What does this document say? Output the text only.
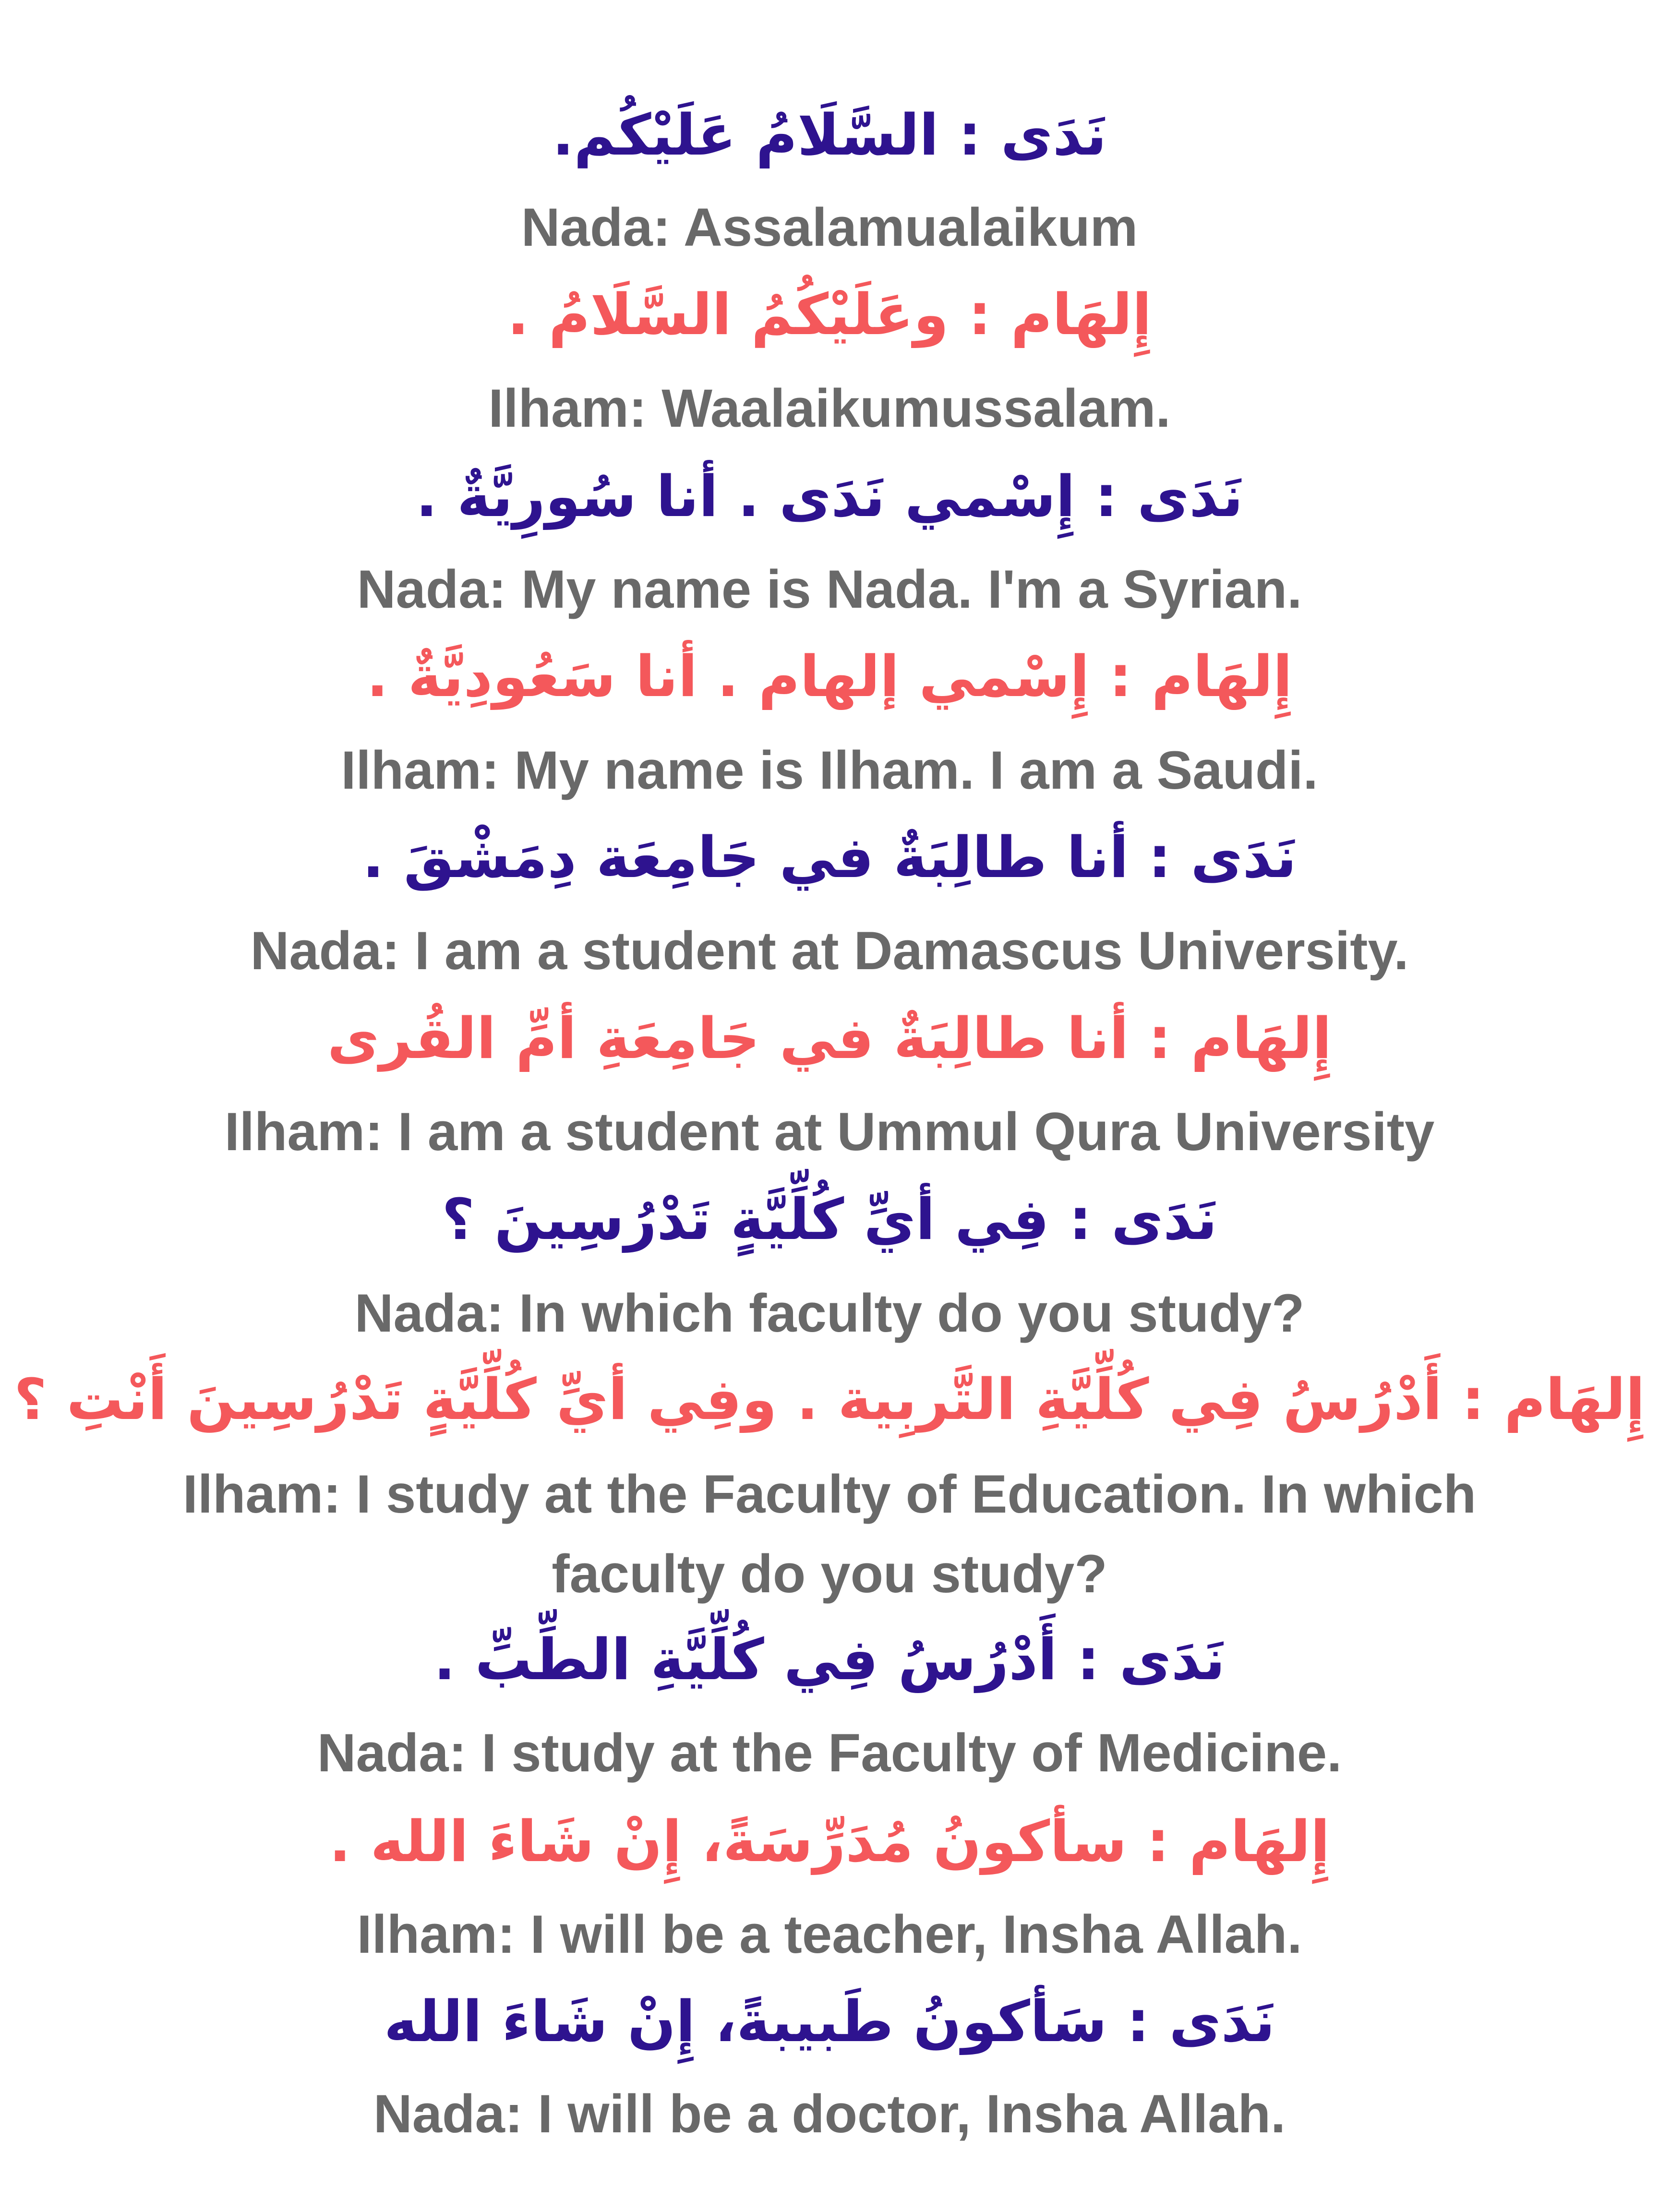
نَدَى : السَّلَامُ عَلَيْكُم.
Nada: Assalamualaikum
إِلهَام : وعَلَيْكُمُ السَّلَامُ .
Ilham: Waalaikumussalam.
نَدَى : إِسْمي نَدَى . أنا سُورِيَّةٌ .
Nada: My name is Nada. I'm a Syrian.
إِلهَام : إِسْمي إلهام . أنا سَعُودِيَّةٌ .
Ilham: My name is Ilham. I am a Saudi.
نَدَى : أنا طالِبَةٌ في جَامِعَة دِمَشْقَ .
Nada: I am a student at Damascus University.
إِلهَام : أنا طالِبَةٌ في جَامِعَةِ أمِّ القُرى
Ilham: I am a student at Ummul Qura University
نَدَى : فِي أيِّ كُلِّيَّةٍ تَدْرُسِينَ ؟
Nada: In which faculty do you study?
إِلهَام : أَدْرُسُ فِي كُلِّيَّةِ التَّربِية . وفِي أيِّ كُلِّيَّةٍ تَدْرُسِينَ أَنْتِ ؟
Ilham: I study at the Faculty of Education. In which
faculty do you study?
نَدَى : أَدْرُسُ فِي كُلِّيَّةِ الطِّبِّ .
Nada: I study at the Faculty of Medicine.
إِلهَام : سأكونُ مُدَرِّسَةً، إِنْ شَاءَ الله .
Ilham: I will be a teacher, Insha Allah.
نَدَى : سَأكونُ طَبيبةً، إِنْ شَاءَ الله
Nada: I will be a doctor, Insha Allah.
